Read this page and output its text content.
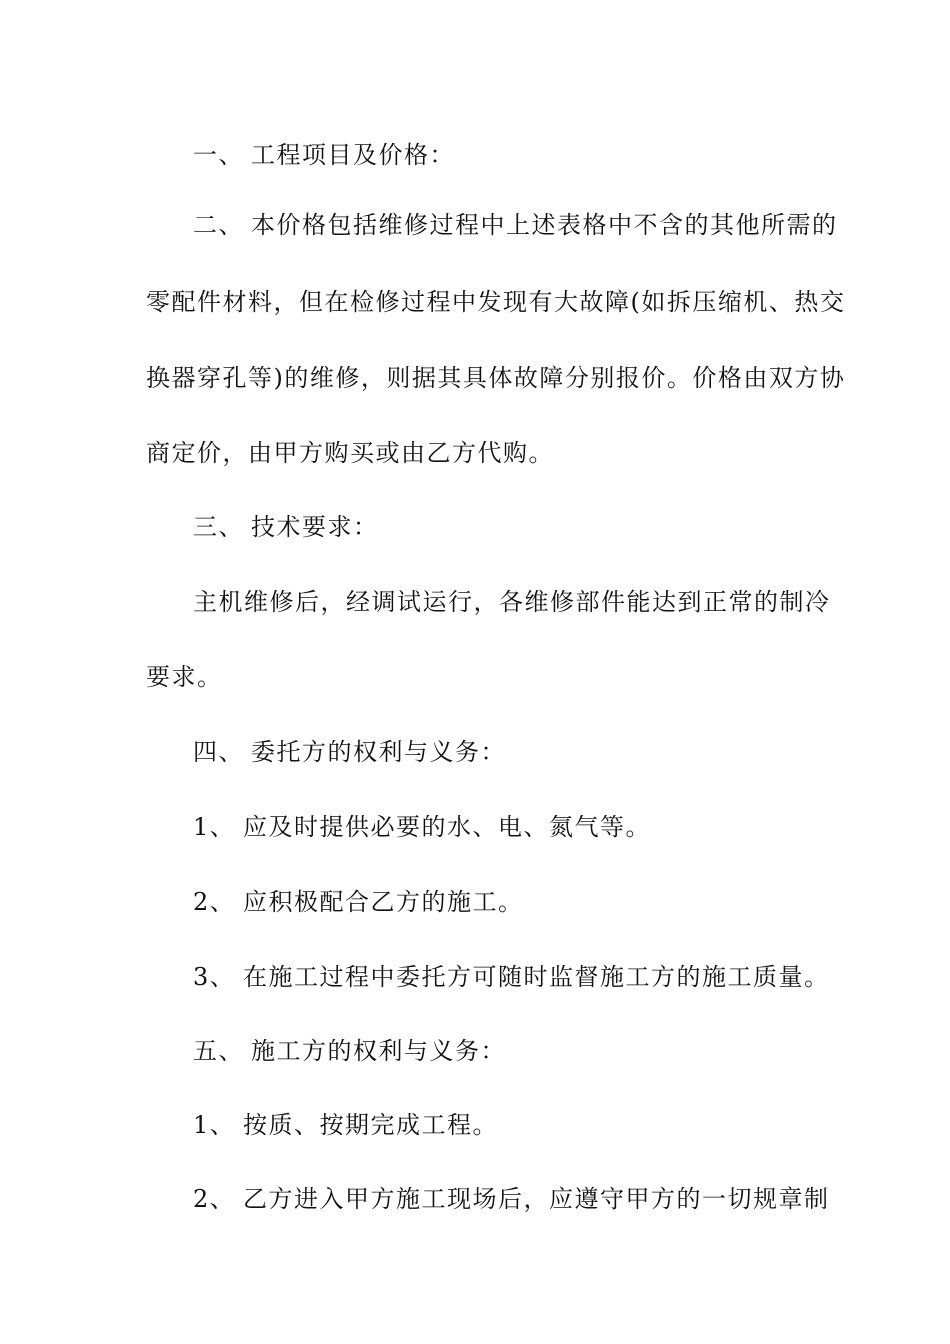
一、 工程项目及价格：
二、 本价格包括维修过程中上述表格中不含的其他所需的
零配件材料，但在检修过程中发现有大故障(如拆压缩机、热交
换器穿孔等)的维修，则据其具体故障分别报价。价格由双方协
商定价，由甲方购买或由乙方代购。
三、 技术要求：
主机维修后，经调试运行，各维修部件能达到正常的制冷
要求。
四、 委托方的权利与义务：
1、 应及时提供必要的水、电、氮气等。
2、 应积极配合乙方的施工。
3、 在施工过程中委托方可随时监督施工方的施工质量。
五、 施工方的权利与义务：
1、 按质、按期完成工程。
2、 乙方进入甲方施工现场后，应遵守甲方的一切规章制
